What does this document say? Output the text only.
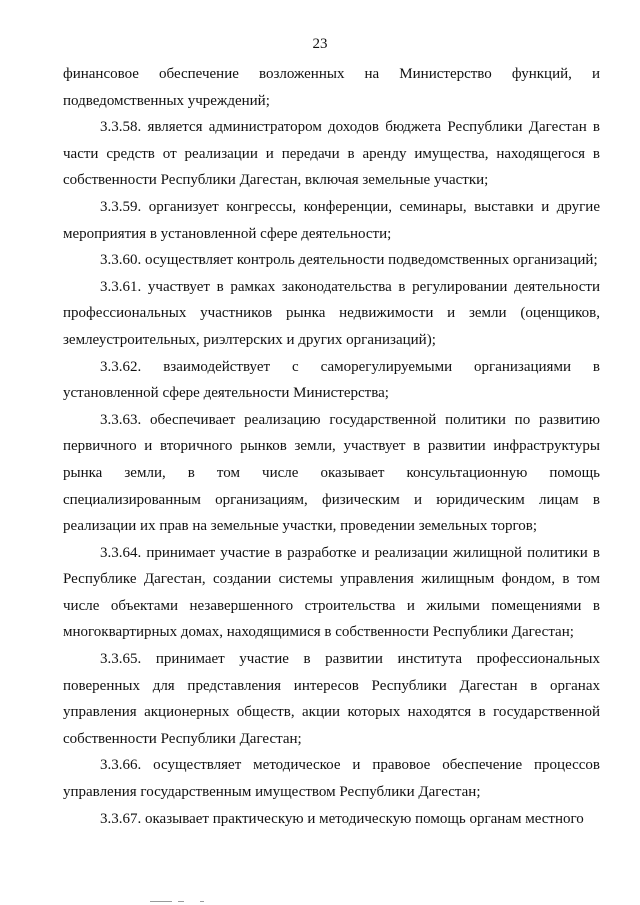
23

финансовое обеспечение возложенных на Министерство функций, и подведомственных учреждений;

3.3.58. является администратором доходов бюджета Республики Дагестан в части средств от реализации и передачи в аренду имущества, находящегося в собственности Республики Дагестан, включая земельные участки;

3.3.59. организует конгрессы, конференции, семинары, выставки и другие мероприятия в установленной сфере деятельности;

3.3.60. осуществляет контроль деятельности подведомственных организаций;

3.3.61. участвует в рамках законодательства в регулировании деятельности профессиональных участников рынка недвижимости и земли (оценщиков, землеустроительных, риэлтерских и других организаций);

3.3.62. взаимодействует с саморегулируемыми организациями в установленной сфере деятельности Министерства;

3.3.63. обеспечивает реализацию государственной политики по развитию первичного и вторичного рынков земли, участвует в развитии инфраструктуры рынка земли, в том числе оказывает консультационную помощь специализированным организациям, физическим и юридическим лицам в реализации их прав на земельные участки, проведении земельных торгов;

3.3.64. принимает участие в разработке и реализации жилищной политики в Республике Дагестан, создании системы управления жилищным фондом, в том числе объектами незавершенного строительства и жилыми помещениями в многоквартирных домах, находящимися в собственности Республики Дагестан;

3.3.65. принимает участие в развитии института профессиональных поверенных для представления интересов Республики Дагестан в органах управления акционерных обществ, акции которых находятся в государственной собственности Республики Дагестан;

3.3.66. осуществляет методическое и правовое обеспечение процессов управления государственным имуществом Республики Дагестан;

3.3.67. оказывает практическую и методическую помощь органам местного
